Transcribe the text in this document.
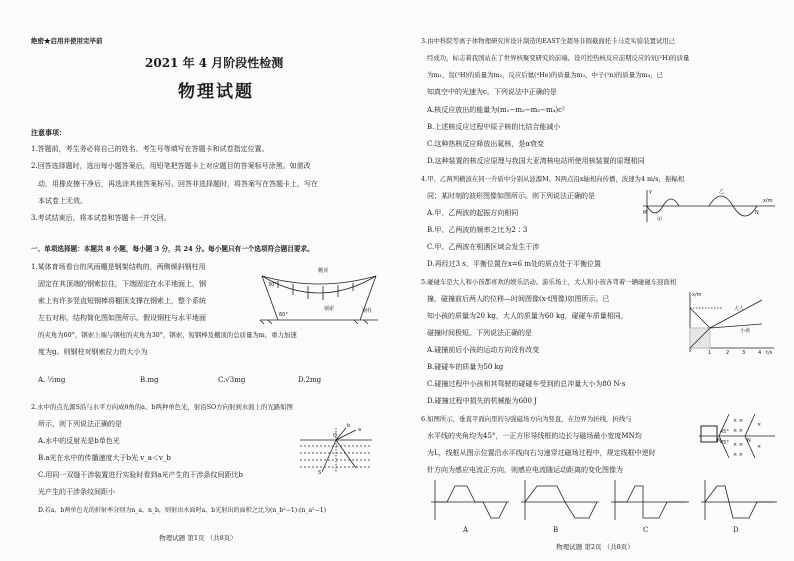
绝密★启用并使用完毕前
2021 年 4 月阶段性检测
物理试题
注意事项：
1.答题前，考生务必将自己的姓名、考生号等填写在答题卡和试卷指定位置。
2.回答选择题时，选出每小题答案后，用铅笔把答题卡上对应题目的答案标号涂黑。如需改
动，用橡皮擦干净后，再选涂其他答案标号。回答非选择题时，将答案写在答题卡上，写在
本试卷上无效。
3.考试结束后，将本试卷和答题卡一并交回。
一、单项选择题：本题共 8 小题，每小题 3 分，共 24 分。每小题只有一个选项符合题目要求。
1.某体育场看台的风雨棚是钢架结构的，两侧倾斜钢柱用
固定在其顶端的钢索拉住，下端固定在水平地面上，钢
索上有许多竖直短钢棒将棚顶支撑在钢索上，整个系统
左右对称，结构简化图如图所示。假设钢柱与水平地面
的夹角为60°，钢索上端与钢柱的夹角为30°，钢索、短钢棒及棚顶的总质量为m，重力加速
度为g。则钢柱对钢索拉力的大小为
棚顶
钢索	钢柱
30°
60°
A. ½mg	B.mg	C.√3mg	D.2mg
2.水中的点光源S沿与水平方向成θ角的a、b两种单色光，射沿SO方向射到水面上的光路如图
所示，则下列说法正确的是
A.水中的反射光是b单色光
B.a光在水中的传播速度大于b光 v_a＜v_b
C.用同一双缝干涉装置进行实验时看到a光产生的干涉条纹间距比b
光产生的干涉条纹间距小
D.若a、b两单色光的折射率分别为n_a、n_b，则射出水面时a、b光射出的面积之比为(n_b²−1):(n_a²−1)
O
S
a
b
物理试题 第1页 （共8页）
3.由中科院等离子体物理研究所设计制造的EAST全超导非圆截面托卡马克实验装置试用已
经成功，标志着我国站在了世界核聚变研究的前端。设可控热核反应前期反应的氘(²H)的质量
为m₁，氚(³H)的质量为m₂，反应后氦(⁴He)的质量为m₃，中子(¹n)的质量为m₄，已
知真空中的光速为c。下列说法中正确的是
A.核反应放出的能量为(m₁−m₂−m₃−m₄)c²
B.上述核反应过程中原子核的比结合能减小
C.这种热核反应释放出氦核，是α衰变
D.这种装置的核反应原理与我国大亚湾核电站所使用核装置的原理相同
4.甲、乙两列横波在同一介质中分别从波源M、N两点沿x轴相向传播，波速为4 m/s，振幅相
同；某时刻的波形图像如图所示。则下列说法正确的是
A.甲、乙两波的起振方向相同
B.甲、乙两波的频率之比为2∶3
C.甲、乙两波在相遇区域会发生干涉
D.再经过3 s，平衡位置在x=6 m处的质点处于平衡位置
y
M	N
x/m
甲
乙
5.碰碰车是大人和小孩都喜欢的娱乐活动。游乐场上，大人和小孩各驾着一辆碰碰车迎面相
撞，碰撞前后两人的位移—时间图像(x-t图像)如图所示。已
知小孩的质量为20 kg，大人的质量为60 kg，碰碰车质量相同，
碰撞时间极短。下列说法正确的是
A.碰撞前后小孩的运动方向没有改变
B.碰碰车的质量为50 kg
C.碰撞过程中小孩和其驾驶的碰碰车受到的总冲量大小为80 N·s
D.碰撞过程中损失的机械能为600 J
x/m
t/s
大人
小孩
1	2	3	4
6.如图所示，垂直平面向里的匀强磁场方向为竖直，在边界为折线，折线与
水平线的夹角均为45°，一正方形导线框的边长与磁场最小宽度MN均
为L，线框从图示位置沿水平线向右匀速穿过磁场过程中，规定线框中逆时
针方向为感应电流正方向，则感应电流随运动距离的变化图像为
× ×
× ×
× ×
× ×
×
×
45°
45°
M	N
A	B	C	D
物理试题 第2页 （共8页）
